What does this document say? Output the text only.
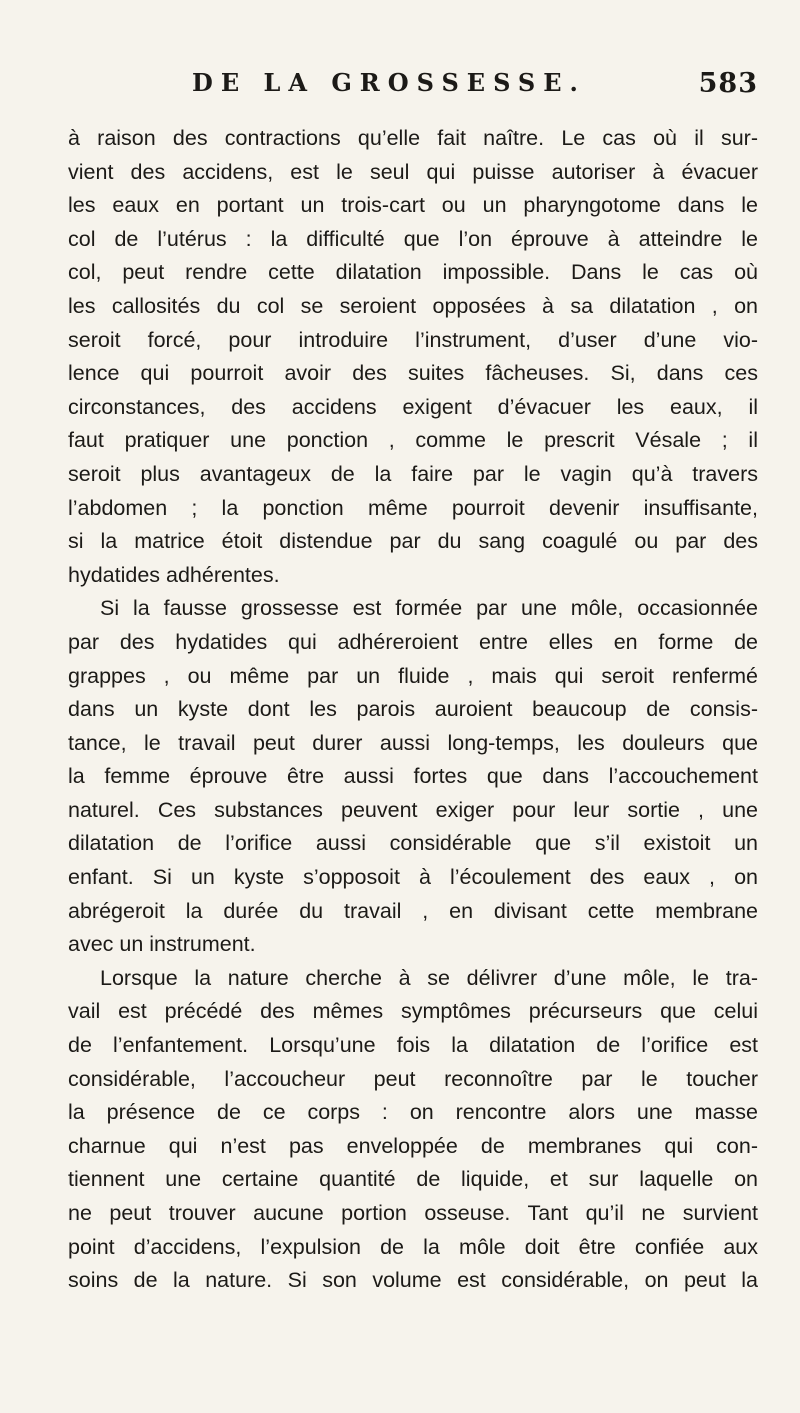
DE LA GROSSESSE.	583
à raison des contractions qu’elle fait naître. Le cas où il sur-
vient des accidens, est le seul qui puisse autoriser à évacuer
les eaux en portant un trois-cart ou un pharyngotome dans le
col de l’utérus : la difficulté que l’on éprouve à atteindre le
col, peut rendre cette dilatation impossible. Dans le cas où
les callosités du col se seroient opposées à sa dilatation , on
seroit forcé, pour introduire l’instrument, d’user d’une vio-
lence qui pourroit avoir des suites fâcheuses. Si, dans ces
circonstances, des accidens exigent d’évacuer les eaux, il
faut pratiquer une ponction , comme le prescrit Vésale ; il
seroit plus avantageux de la faire par le vagin qu’à travers
l’abdomen ; la ponction même pourroit devenir insuffisante,
si la matrice étoit distendue par du sang coagulé ou par des
hydatides adhérentes.
Si la fausse grossesse est formée par une môle, occasionnée
par des hydatides qui adhéreroient entre elles en forme de
grappes , ou même par un fluide , mais qui seroit renfermé
dans un kyste dont les parois auroient beaucoup de consis-
tance, le travail peut durer aussi long-temps, les douleurs que
la femme éprouve être aussi fortes que dans l’accouchement
naturel. Ces substances peuvent exiger pour leur sortie , une
dilatation de l’orifice aussi considérable que s’il existoit un
enfant. Si un kyste s’opposoit à l’écoulement des eaux , on
abrégeroit la durée du travail , en divisant cette membrane
avec un instrument.
Lorsque la nature cherche à se délivrer d’une môle, le tra-
vail est précédé des mêmes symptômes précurseurs que celui
de l’enfantement. Lorsqu’une fois la dilatation de l’orifice est
considérable, l’accoucheur peut reconnoître par le toucher
la présence de ce corps : on rencontre alors une masse
charnue qui n’est pas enveloppée de membranes qui con-
tiennent une certaine quantité de liquide, et sur laquelle on
ne peut trouver aucune portion osseuse. Tant qu’il ne survient
point d’accidens, l’expulsion de la môle doit être confiée aux
soins de la nature. Si son volume est considérable, on peut la
